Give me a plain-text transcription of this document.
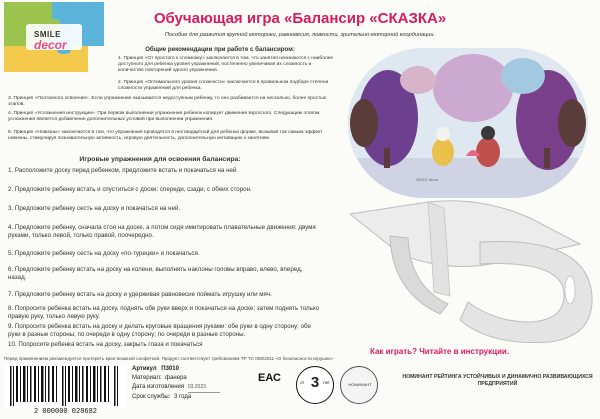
SMILE
decor
Обучающая игра «Балансир «СКАЗКА»
Пособие для развития крупной моторики, равновесия, ловкости, зрительно-моторной координации.
Общие рекомендации при работе с балансиром:
1. Принцип «От простого к сложному» заключается в том, что занятия начинаются с наиболее доступного для ребенка уровня упражнений, постепенно увеличивая их сложность и количество повторений одного упражнения.
2. Принцип «Оптимального уровня сложности» заключается в правильном подборе степени сложности упражнений для ребенка.
3. Принцип «Поэтапного освоения». Если упражнение оказывается недоступным ребенку, то оно разбивается на несколько, более простых этапов.
4. Принцип «Усложнения инструкции». При первом выполнении упражнения ребенок копирует движения взрослого. Следующим этапом усложнения является добавление дополнительных условий при выполнении упражнения.
5. Принцип «Новизны» заключается в том, что упражнения проводятся в нестандартной для ребенка форме, вызывая так самым эффект новизны, стимулируя познавательную активность, игровую деятельность, дополнительную мотивацию к занятиям.
Игровые упражнения для освоения балансира:
1. Расположите доску перед ребенком, предложите встать и покачаться на ней.
2. Предложите ребенку встать и спуститься с доски: спереди, сзади, с обеих сторон.
3. Предложите ребенку сесть на доску и покачаться на ней.
4. Предложите ребенку, сначала стоя на доске, а потом сидя имитировать плавательные движения: двумя руками, только левой, только правой, поочередно.
5. Предложите ребенку сесть на доску «по-турецки» и покачаться.
6. Предложите ребенку встать на доску на колени, выполнять наклоны головы вправо, влево, вперед, назад.
7. Предложите ребенку встать на доску и удерживая равновесие поймать игрушку или мяч.
8. Попросите ребенка встать на доску, поднять обе руки вверх и покачаться на доске; затем поднять только правую руку, только левую руку.
9. Попросите ребенка встать на доску и делать круговые вращения руками: обе руки в одну сторону; обе руки в разные стороны; по очереди в одну сторону; по очереди в разные стороны.
10. Попросите ребенка встать на доску, закрыть глаза и покачаться
SMILE decor
Как играть? Читайте в инструкции.
Перед применением рекомендуется протереть края влажной салфеткой. Продукт соответствует требованиям ТР ТС 008/2011 «О безопасности игрушек»
2 000000 028682
Артикул П3010
Материал: фанера
Дата изготовления 03.2023
Срок службы: 3 года
ЕАС	от 3 лет	НОМИНАНТ
НОМИНАНТ РЕЙТИНГА УСТОЙЧИВЫХ И ДИНАМИЧНО РАЗВИВАЮЩИХСЯ ПРЕДПРИЯТИЙ
